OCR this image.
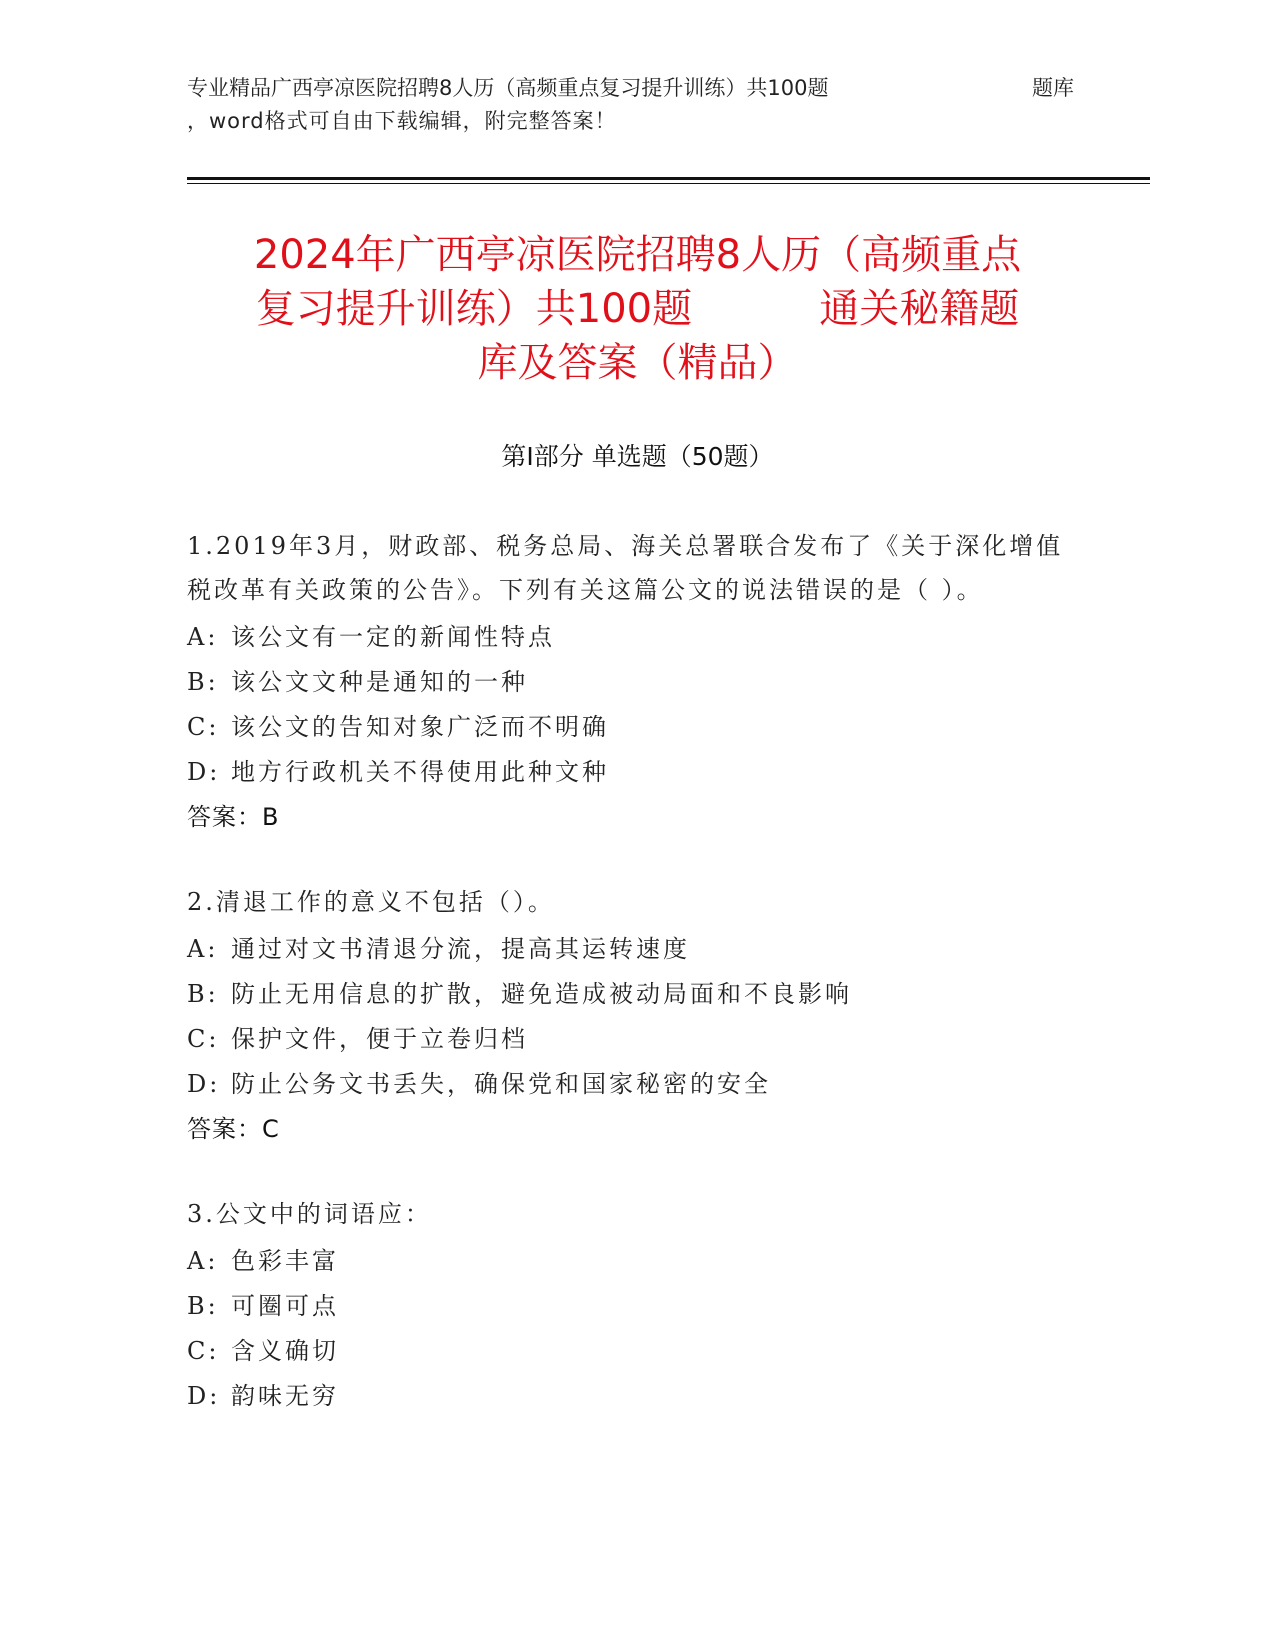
专业精品广西亭凉医院招聘8人历（高频重点复习提升训练）共100题	题库
，word格式可自由下载编辑，附完整答案！
2024年广西亭凉医院招聘8人历（高频重点
复习提升训练）共100题          通关秘籍题
库及答案（精品）
第I部分 单选题（50题）
1.2019年3月，财政部、税务总局、海关总署联合发布了《关于深化增值税改革有关政策的公告》。下列有关这篇公文的说法错误的是（ ）。
A: 该公文有一定的新闻性特点
B: 该公文文种是通知的一种
C: 该公文的告知对象广泛而不明确
D: 地方行政机关不得使用此种文种
答案：B
2.清退工作的意义不包括（）。
A: 通过对文书清退分流，提高其运转速度
B: 防止无用信息的扩散，避免造成被动局面和不良影响
C: 保护文件，便于立卷归档
D: 防止公务文书丢失，确保党和国家秘密的安全
答案：C
3.公文中的词语应：
A: 色彩丰富
B: 可圈可点
C: 含义确切
D: 韵味无穷
